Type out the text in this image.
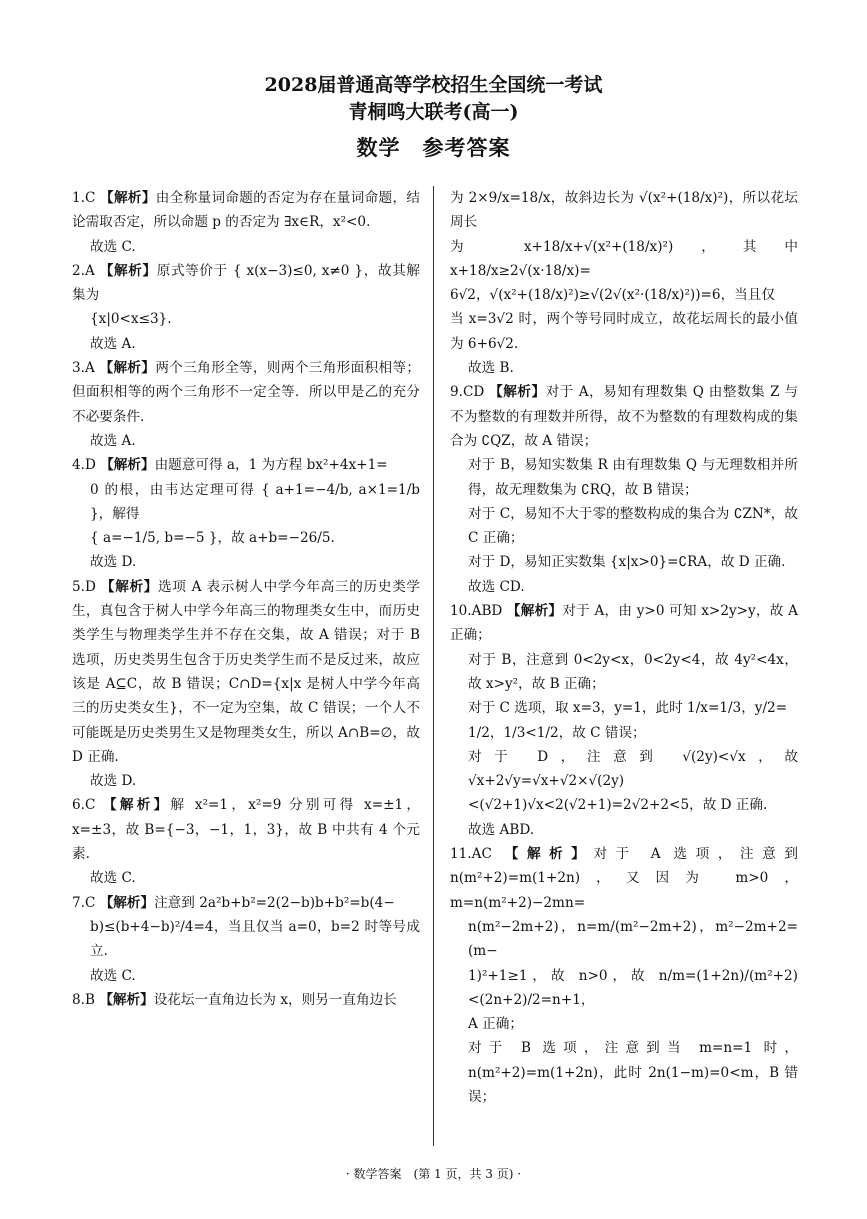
2028届普通高等学校招生全国统一考试
青桐鸣大联考(高一)
数学　参考答案

1.C 【解析】由全称量词命题的否定为存在量词命题，结论需取否定，所以命题 p 的否定为 ∃x∈R，x²<0.

故选 C.

2.A 【解析】原式等价于 { x(x−3)≤0, x≠0 }，故其解集为

{x|0<x≤3}.

故选 A.

3.A 【解析】两个三角形全等，则两个三角形面积相等；但面积相等的两个三角形不一定全等．所以甲是乙的充分不必要条件.

故选 A.

4.D 【解析】由题意可得 a，1 为方程 bx²+4x+1=

0 的根，由韦达定理可得 { a+1=−4/b, a×1=1/b }，解得

{ a=−1/5, b=−5 }，故 a+b=−26/5.

故选 D.

5.D 【解析】选项 A 表示树人中学今年高三的历史类学生，真包含于树人中学今年高三的物理类女生中，而历史类学生与物理类学生并不存在交集，故 A 错误；对于 B 选项，历史类男生包含于历史类学生而不是反过来，故应该是 A⊆C，故 B 错误；C∩D={x|x 是树人中学今年高三的历史类女生}，不一定为空集，故 C 错误；一个人不可能既是历史类男生又是物理类女生，所以 A∩B=∅，故 D 正确.

故选 D.

6.C 【解析】解 x²=1，x²=9 分别可得 x=±1，x=±3，故 B={−3，−1，1，3}，故 B 中共有 4 个元素.

故选 C.

7.C 【解析】注意到 2a²b+b²=2(2−b)b+b²=b(4−

b)≤(b+4−b)²/4=4，当且仅当 a=0，b=2 时等号成立.

故选 C.

8.B 【解析】设花坛一直角边长为 x，则另一直角边长

为 2×9/x=18/x，故斜边长为 √(x²+(18/x)²)，所以花坛周长

为 x+18/x+√(x²+(18/x)²)，其中 x+18/x≥2√(x·18/x)=

6√2，√(x²+(18/x)²)≥√(2√(x²·(18/x)²))=6，当且仅

当 x=3√2 时，两个等号同时成立，故花坛周长的最小值为 6+6√2.

故选 B.

9.CD 【解析】对于 A，易知有理数集 Q 由整数集 Z 与不为整数的有理数并所得，故不为整数的有理数构成的集合为 ∁QZ，故 A 错误；

对于 B，易知实数集 R 由有理数集 Q 与无理数相并所得，故无理数集为 ∁RQ，故 B 错误；

对于 C，易知不大于零的整数构成的集合为 ∁ZN*，故 C 正确；

对于 D，易知正实数集 {x|x>0}=∁RA，故 D 正确.

故选 CD.

10.ABD 【解析】对于 A，由 y>0 可知 x>2y>y，故 A 正确；

对于 B，注意到 0<2y<x，0<2y<4，故 4y²<4x，故 x>y²，故 B 正确；

对于 C 选项，取 x=3，y=1，此时 1/x=1/3，y/2=

1/2，1/3<1/2，故 C 错误；

对于 D，注意到 √(2y)<√x，故 √x+2√y=√x+√2×√(2y)<(√2+1)√x<2(√2+1)=2√2+2<5，故 D 正确.

故选 ABD.

11.AC 【解析】对于 A 选项，注意到 n(m²+2)=m(1+2n)，又因为 m>0，m=n(m²+2)−2mn=

n(m²−2m+2)，n=m/(m²−2m+2)，m²−2m+2=(m−

1)²+1≥1，故 n>0，故 n/m=(1+2n)/(m²+2)<(2n+2)/2=n+1，

A 正确；

对于 B 选项，注意到当 m=n=1 时，n(m²+2)=m(1+2n)，此时 2n(1−m)=0<m，B 错误；

· 数学答案　(第 1 页，共 3 页) ·
